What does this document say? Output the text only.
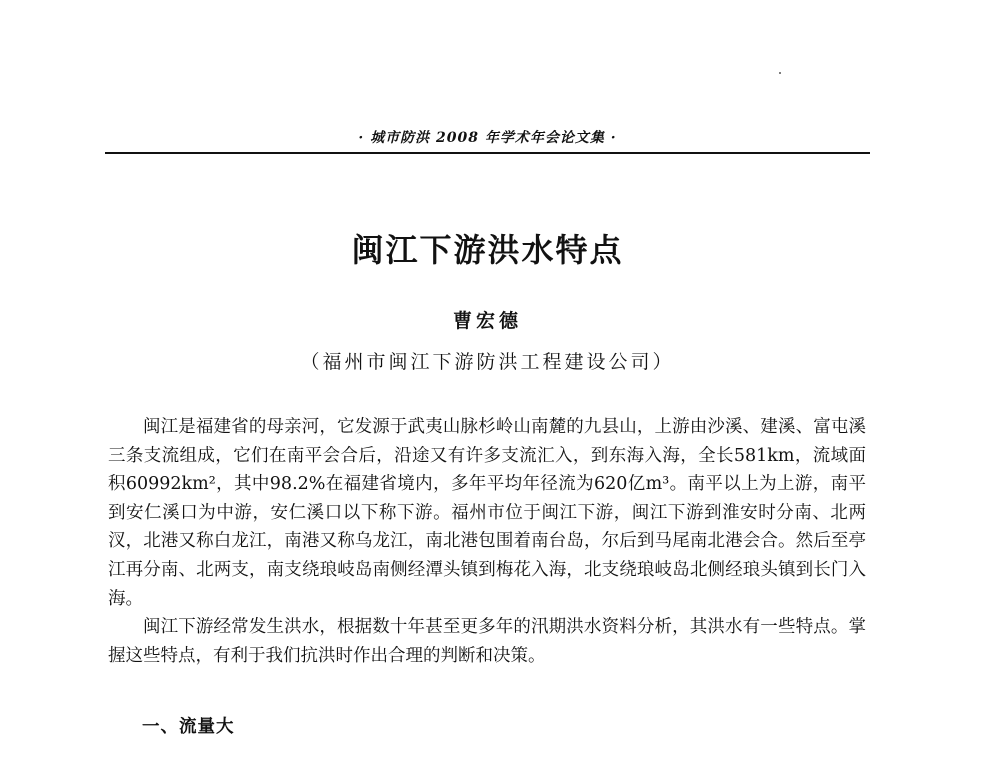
· 城市防洪 2008 年学术年会论文集 ·
闽江下游洪水特点
曹宏德
（福州市闽江下游防洪工程建设公司）

闽江是福建省的母亲河，它发源于武夷山脉杉岭山南麓的九县山，上游由沙溪、建溪、富屯溪三条支流组成，它们在南平会合后，沿途又有许多支流汇入，到东海入海，全长581km，流域面积60992km²，其中98.2%在福建省境内，多年平均年径流为620亿m³。南平以上为上游，南平到安仁溪口为中游，安仁溪口以下称下游。福州市位于闽江下游，闽江下游到淮安时分南、北两汊，北港又称白龙江，南港又称乌龙江，南北港包围着南台岛，尔后到马尾南北港会合。然后至亭江再分南、北两支，南支绕琅岐岛南侧经潭头镇到梅花入海，北支绕琅岐岛北侧经琅头镇到长门入海。

闽江下游经常发生洪水，根据数十年甚至更多年的汛期洪水资料分析，其洪水有一些特点。掌握这些特点，有利于我们抗洪时作出合理的判断和决策。

一、流量大
